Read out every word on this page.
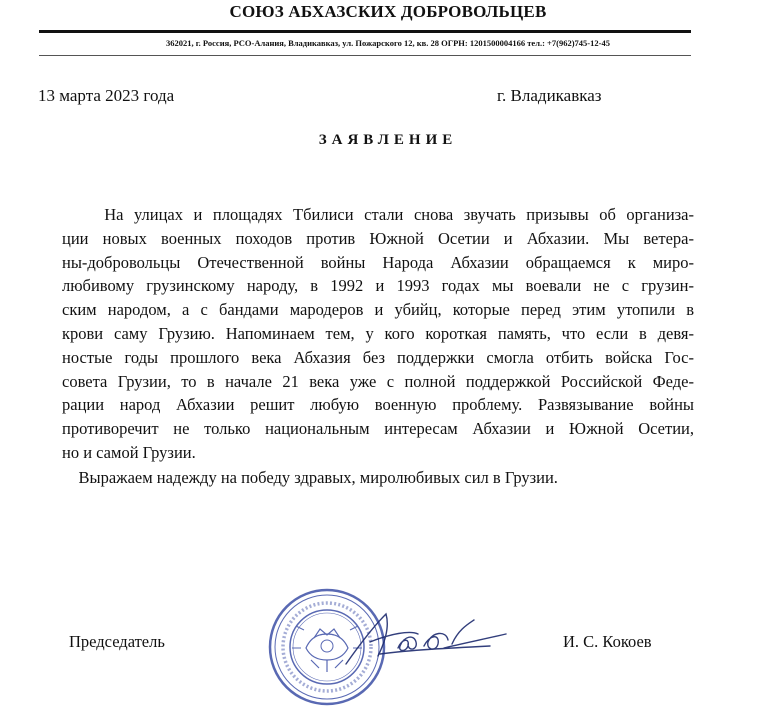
СОЮЗ АБХАЗСКИХ ДОБРОВОЛЬЦЕВ
362021, г. Россия, РСО-Алания, Владикавказ, ул. Пожарского 12, кв. 28 ОГРН: 1201500004166 тел.: +7(962)745-12-45
13 марта 2023 года	г. Владикавказ
ЗАЯВЛЕНИЕ
На улицах и площадях Тбилиси стали снова звучать призывы об организа-
ции новых военных походов против Южной Осетии и Абхазии. Мы ветера-
ны-добровольцы Отечественной войны Народа Абхазии обращаемся к миро-
любивому грузинскому народу, в 1992 и 1993 годах мы воевали не с грузин-
ским народом, а с бандами мародеров и убийц, которые перед этим утопили в
крови саму Грузию. Напоминаем тем, у кого короткая память, что если в девя-
ностые годы прошлого века Абхазия без поддержки смогла отбить войска Гос-
совета Грузии, то в начале 21 века уже с полной поддержкой Российской Феде-
рации народ Абхазии решит любую военную проблему. Развязывание войны
противоречит не только национальным интересам Абхазии и Южной Осетии,
но и самой Грузии.
Выражаем надежду на победу здравых, миролюбивых сил в Грузии.
Председатель	И. С. Кокоев
